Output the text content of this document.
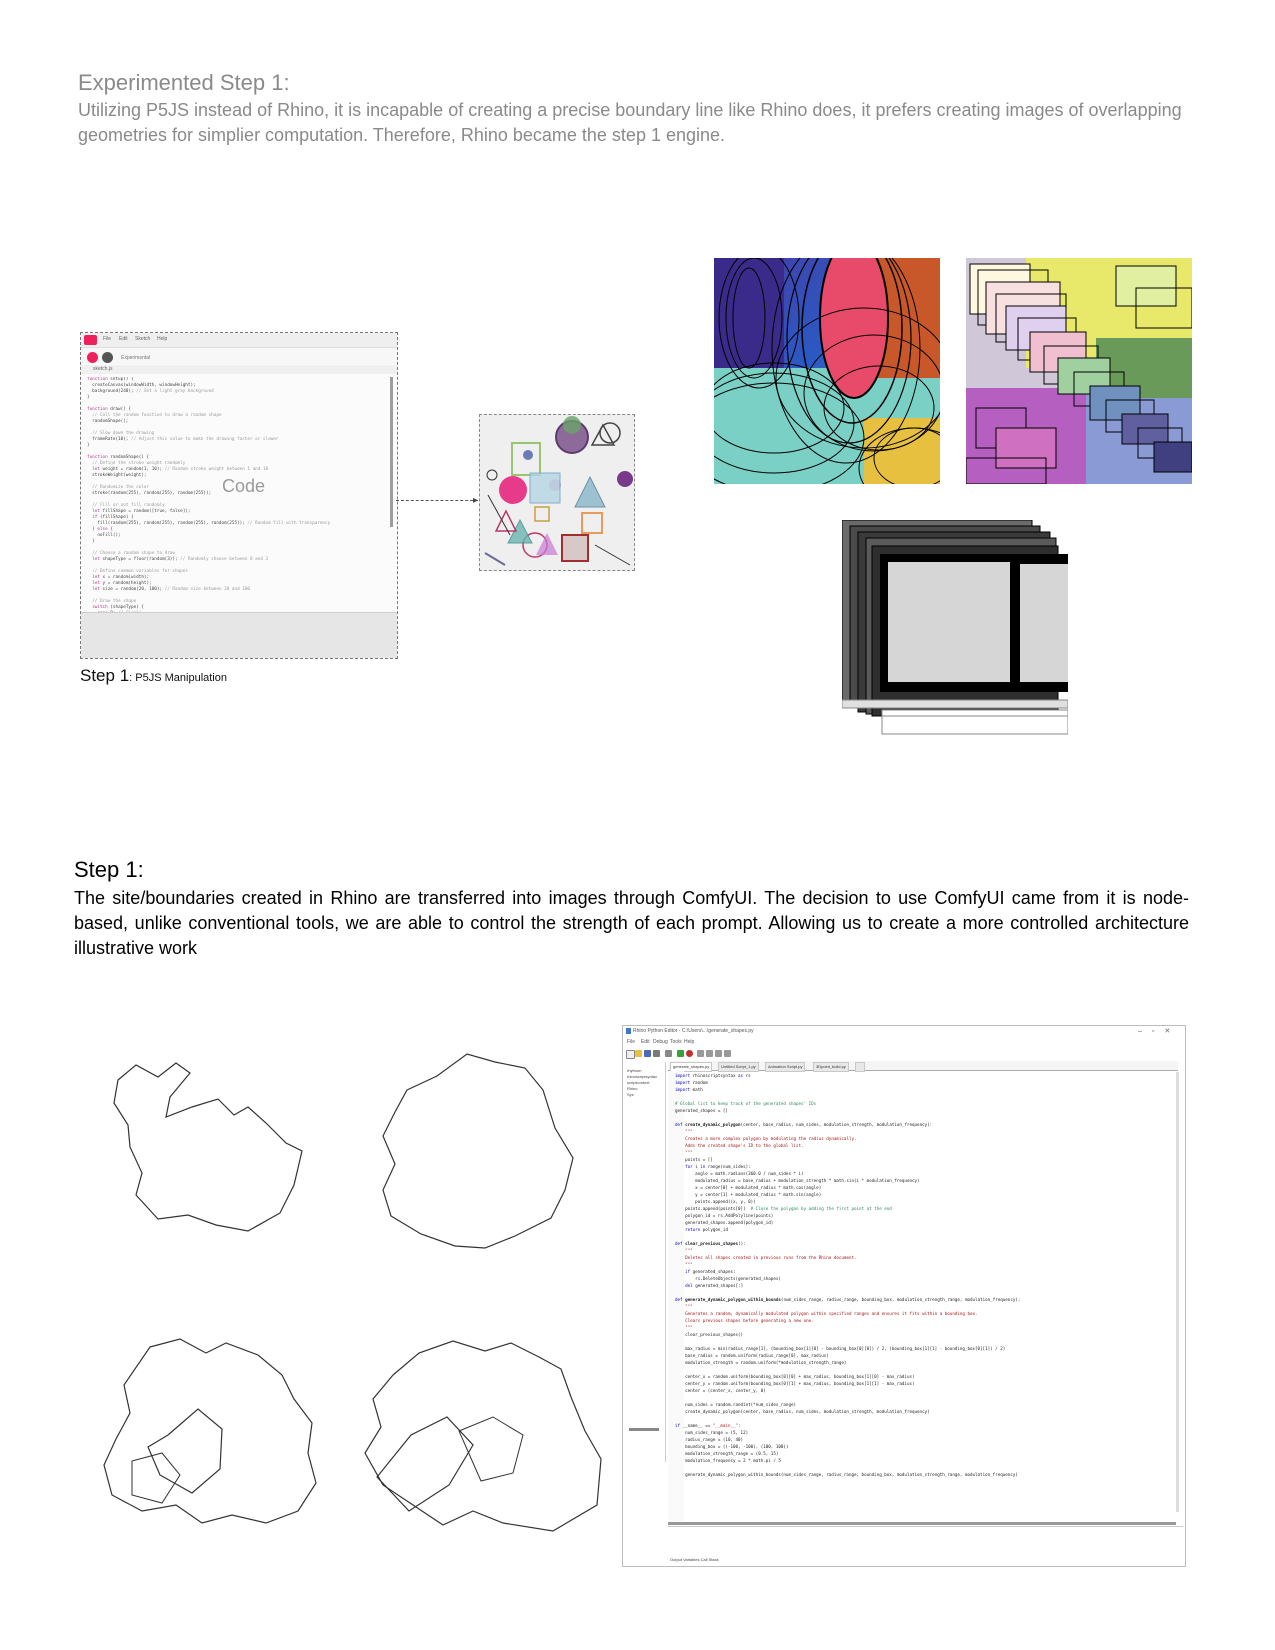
Experimented Step 1:
Utilizing P5JS instead of Rhino, it is incapable of creating a precise boundary line like Rhino does, it prefers creating images of overlapping geometries for simplier computation. Therefore, Rhino became the step 1 engine.
File Edit Sketch Help
Experimental
sketch.js
function setup() {
createCanvas(windowWidth, windowHeight);
background(240); // Set a light gray background
}

function draw() {
// Call the random function to draw a random shape
randomShape();

// Slow down the drawing
frameRate(10); // Adjust this value to make the drawing faster or slower
}

function randomShape() {
// Define the stroke weight randomly
let weight = random(1, 10); // Random stroke weight between 1 and 10
strokeWeight(weight);

// Randomize the color
stroke(random(255), random(255), random(255));

// Fill or not fill randomly
let fillShape = random([true, false]);
if (fillShape) {
fill(random(255), random(255), random(255), random(255)); // Random fill with transparency
} else {
noFill();
}

// Choose a random shape to draw
let shapeType = floor(random(3)); // Randomly choose between 0 and 3

// Define common variables for shapes
let x = random(width);
let y = random(height);
let size = random(20, 100); // Random size between 20 and 100

// Draw the shape
switch (shapeType) {

Code
▸
Step 1: P5JS Manipulation
Step 1:
The site/boundaries created in Rhino are transferred into images through ComfyUI. The decision to use ComfyUI came from it is node-based, unlike conventional tools, we are able to control the strength of each prompt. Allowing us to create a more controlled architecture illustrative work
Rhino Python Editor - C:\Users\...\generate_shapes.py	–▫✕
File Edit Debug Tools Help
rhythom
rhinoscriptsyntax
scriptcontext
Rhino
Sys
generate_shapes.py	Untitled Script_1.py	Animation Script.py	3Dpoint_build.py
import rhinoscriptsyntax as rs
import random
import math

# Global list to keep track of the generated shapes' IDs
generated_shapes = []

def create_dynamic_polygon(center, base_radius, num_sides, modulation_strength, modulation_frequency):
"""
Creates a more complex polygon by modulating the radius dynamically.
Adds the created shape's ID to the global list.
"""
points = []
for i in range(num_sides):
angle = math.radians(360.0 / num_sides * i)
modulated_radius = base_radius + modulation_strength * math.sin(i * modulation_frequency)
x = center[0] + modulated_radius * math.cos(angle)
y = center[1] + modulated_radius * math.sin(angle)
points.append((x, y, 0))
points.append(points[0])  # Close the polygon by adding the first point at the end
polygon_id = rs.AddPolyline(points)
generated_shapes.append(polygon_id)
return polygon_id

def clear_previous_shapes():
"""
Deletes all shapes created in previous runs from the Rhino document.
"""
if generated_shapes:
rs.DeleteObjects(generated_shapes)
del generated_shapes[:]

def generate_dynamic_polygon_within_bounds(num_sides_range, radius_range, bounding_box, modulation_strength_range, modulation_frequency):
"""
Generates a random, dynamically modulated polygon within specified ranges and ensures it fits within a bounding box.
Clears previous shapes before generating a new one.
"""
clear_previous_shapes()

max_radius = min(radius_range[1], (bounding_box[1][0] - bounding_box[0][0]) / 2, (bounding_box[1][1] - bounding_box[0][1]) / 2)
base_radius = random.uniform(radius_range[0], max_radius)
modulation_strength = random.uniform(*modulation_strength_range)

center_x = random.uniform(bounding_box[0][0] + max_radius, bounding_box[1][0] - max_radius)
center_y = random.uniform(bounding_box[0][1] + max_radius, bounding_box[1][1] - max_radius)
center = (center_x, center_y, 0)

num_sides = random.randint(*num_sides_range)
create_dynamic_polygon(center, base_radius, num_sides, modulation_strength, modulation_frequency)

if __name__ == "__main__":
num_sides_range = (5, 12)
radius_range = (10, 40)
bounding_box = ((-100, -100), (100, 100))
modulation_strength_range = (0.5, 15)
modulation_frequency = 2 * math.pi / 5

generate_dynamic_polygon_within_bounds(num_sides_range, radius_range, bounding_box, modulation_strength_range, modulation_frequency)
Output Variables Call Stack
